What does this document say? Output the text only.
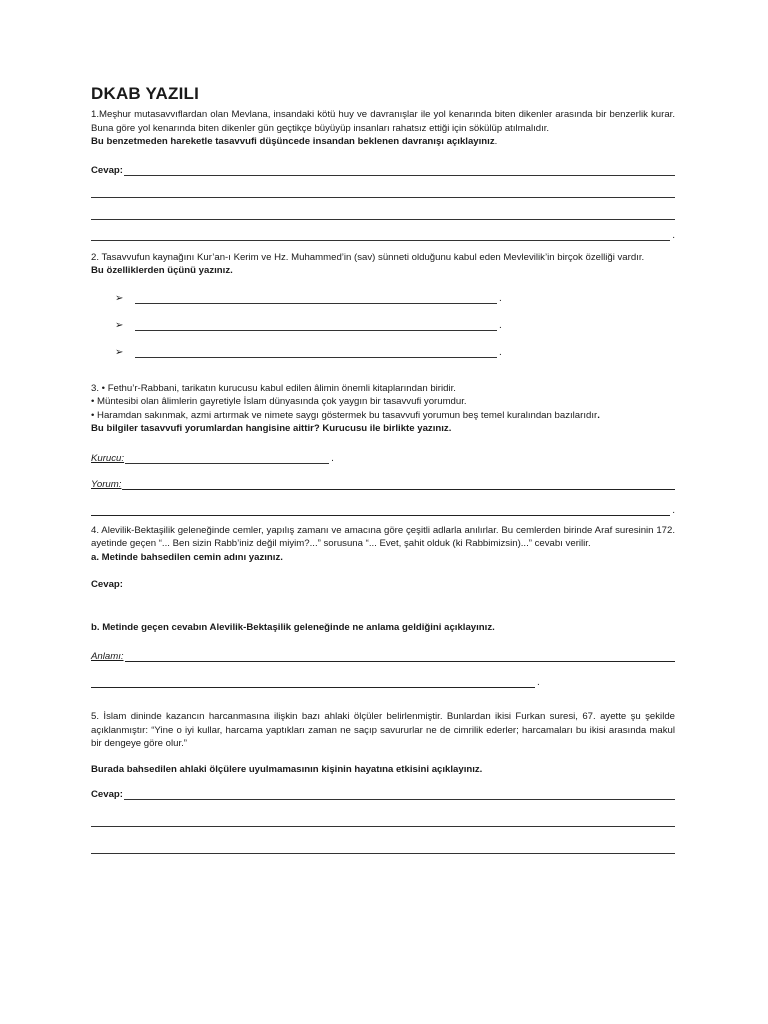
DKAB YAZILI

1.Meşhur mutasavvıflardan olan Mevlana, insandaki kötü huy ve davranışlar ile yol kenarında biten dikenler arasında bir benzerlik kurar. Buna göre yol kenarında biten dikenler gün geçtikçe büyüyüp insanları rahatsız ettiği için sökülüp atılmalıdır.

Bu benzetmeden hareketle tasavvufi düşüncede insandan beklenen davranışı açıklayınız.

Cevap:
.

2. Tasavvufun kaynağını Kur’an-ı Kerim ve Hz. Muhammed’in (sav) sünneti olduğunu kabul eden Mevlevilik’in birçok özelliği vardır.

Bu özelliklerden üçünü yazınız.

➢	.
➢	.
➢	.

3. • Fethu’r-Rabbani, tarikatın kurucusu kabul edilen âlimin önemli kitaplarından biridir.

• Müntesibi olan âlimlerin gayretiyle İslam dünyasında çok yaygın bir tasavvufi yorumdur.

• Haramdan sakınmak, azmi artırmak ve nimete saygı göstermek bu tasavvufi yorumun beş temel kuralından bazılarıdır.

Bu bilgiler tasavvufi yorumlardan hangisine aittir? Kurucusu ile birlikte yazınız.

Kurucu:	.
Yorum:
.

4. Alevilik-Bektaşilik geleneğinde cemler, yapılış zamanı ve amacına göre çeşitli adlarla anılırlar. Bu cemlerden birinde Araf suresinin 172. ayetinde geçen “... Ben sizin Rabb’iniz değil miyim?...” sorusuna “... Evet, şahit olduk (ki Rabbimizsin)...” cevabı verilir.

a. Metinde bahsedilen cemin adını yazınız.

Cevap:

b. Metinde geçen cevabın Alevilik-Bektaşilik geleneğinde ne anlama geldiğini açıklayınız.

Anlamı:
.

5. İslam dininde kazancın harcanmasına ilişkin bazı ahlaki ölçüler belirlenmiştir. Bunlardan ikisi Furkan suresi, 67. ayette şu şekilde açıklanmıştır: “Yine o iyi kullar, harcama yaptıkları zaman ne saçıp savururlar ne de cimrilik ederler; harcamaları bu ikisi arasında makul bir dengeye göre olur.”

Burada bahsedilen ahlaki ölçülere uyulmamasının kişinin hayatına etkisini açıklayınız.

Cevap:
